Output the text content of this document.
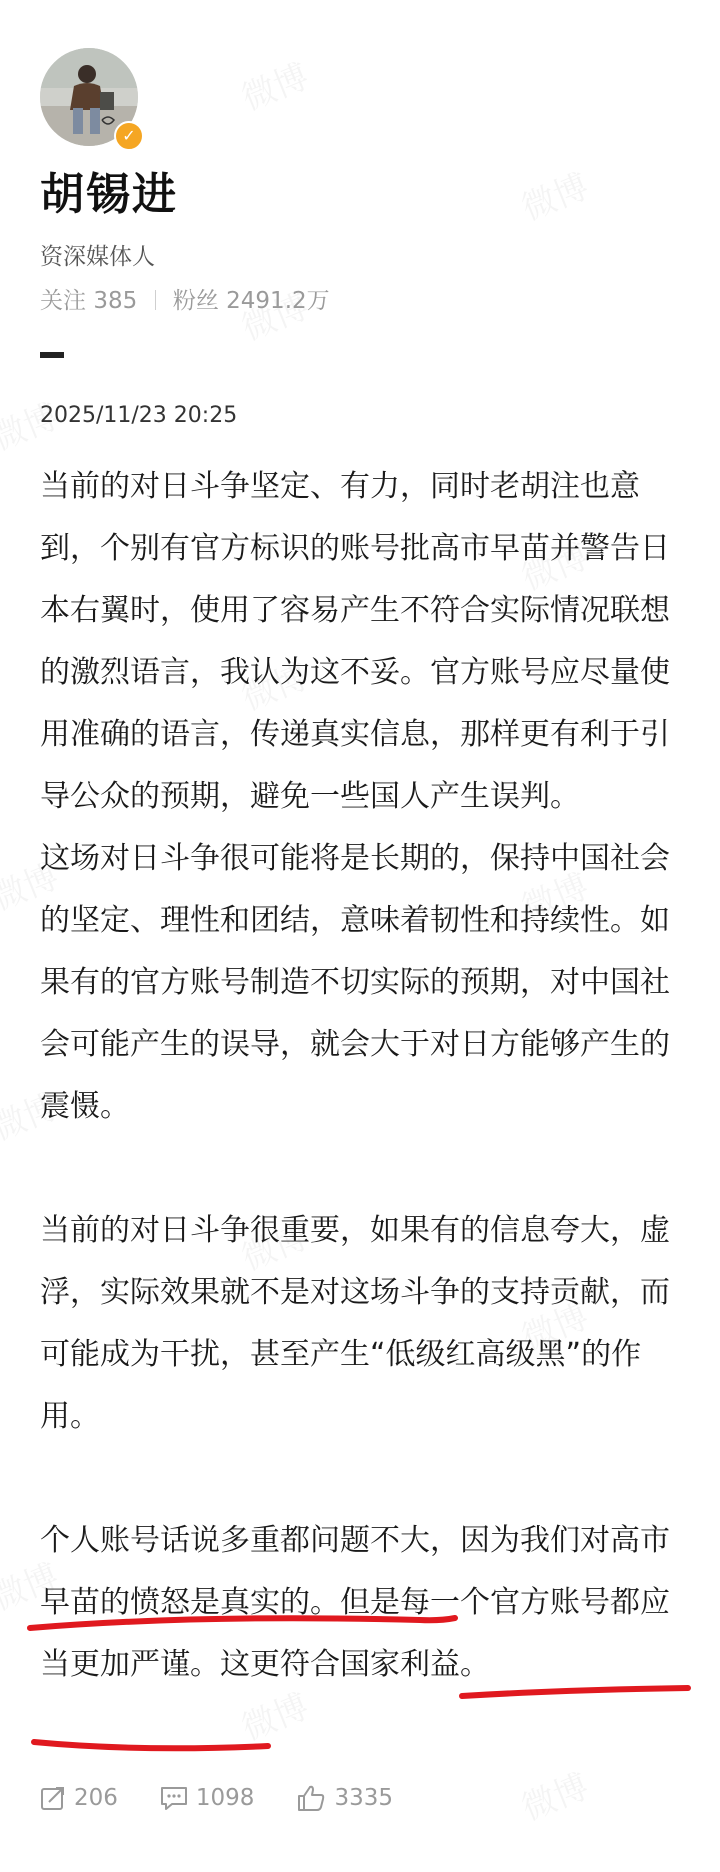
✓
胡锡进
资深媒体人
关注 385 粉丝 2491.2万
2025/11/23 20:25

当前的对日斗争坚定、有力，同时老胡注也意到，个别有官方标识的账号批高市早苗并警告日本右翼时，使用了容易产生不符合实际情况联想的激烈语言，我认为这不妥。官方账号应尽量使用准确的语言，传递真实信息，那样更有利于引导公众的预期，避免一些国人产生误判。

这场对日斗争很可能将是长期的，保持中国社会的坚定、理性和团结，意味着韧性和持续性。如果有的官方账号制造不切实际的预期，对中国社会可能产生的误导，就会大于对日方能够产生的震慑。

当前的对日斗争很重要，如果有的信息夸大，虚浮，实际效果就不是对这场斗争的支持贡献，而可能成为干扰，甚至产生“低级红高级黑”的作用。

个人账号话说多重都问题不大，因为我们对高市早苗的愤怒是真实的。但是每一个官方账号都应当更加严谨。这更符合国家利益。

206	1098	3335
